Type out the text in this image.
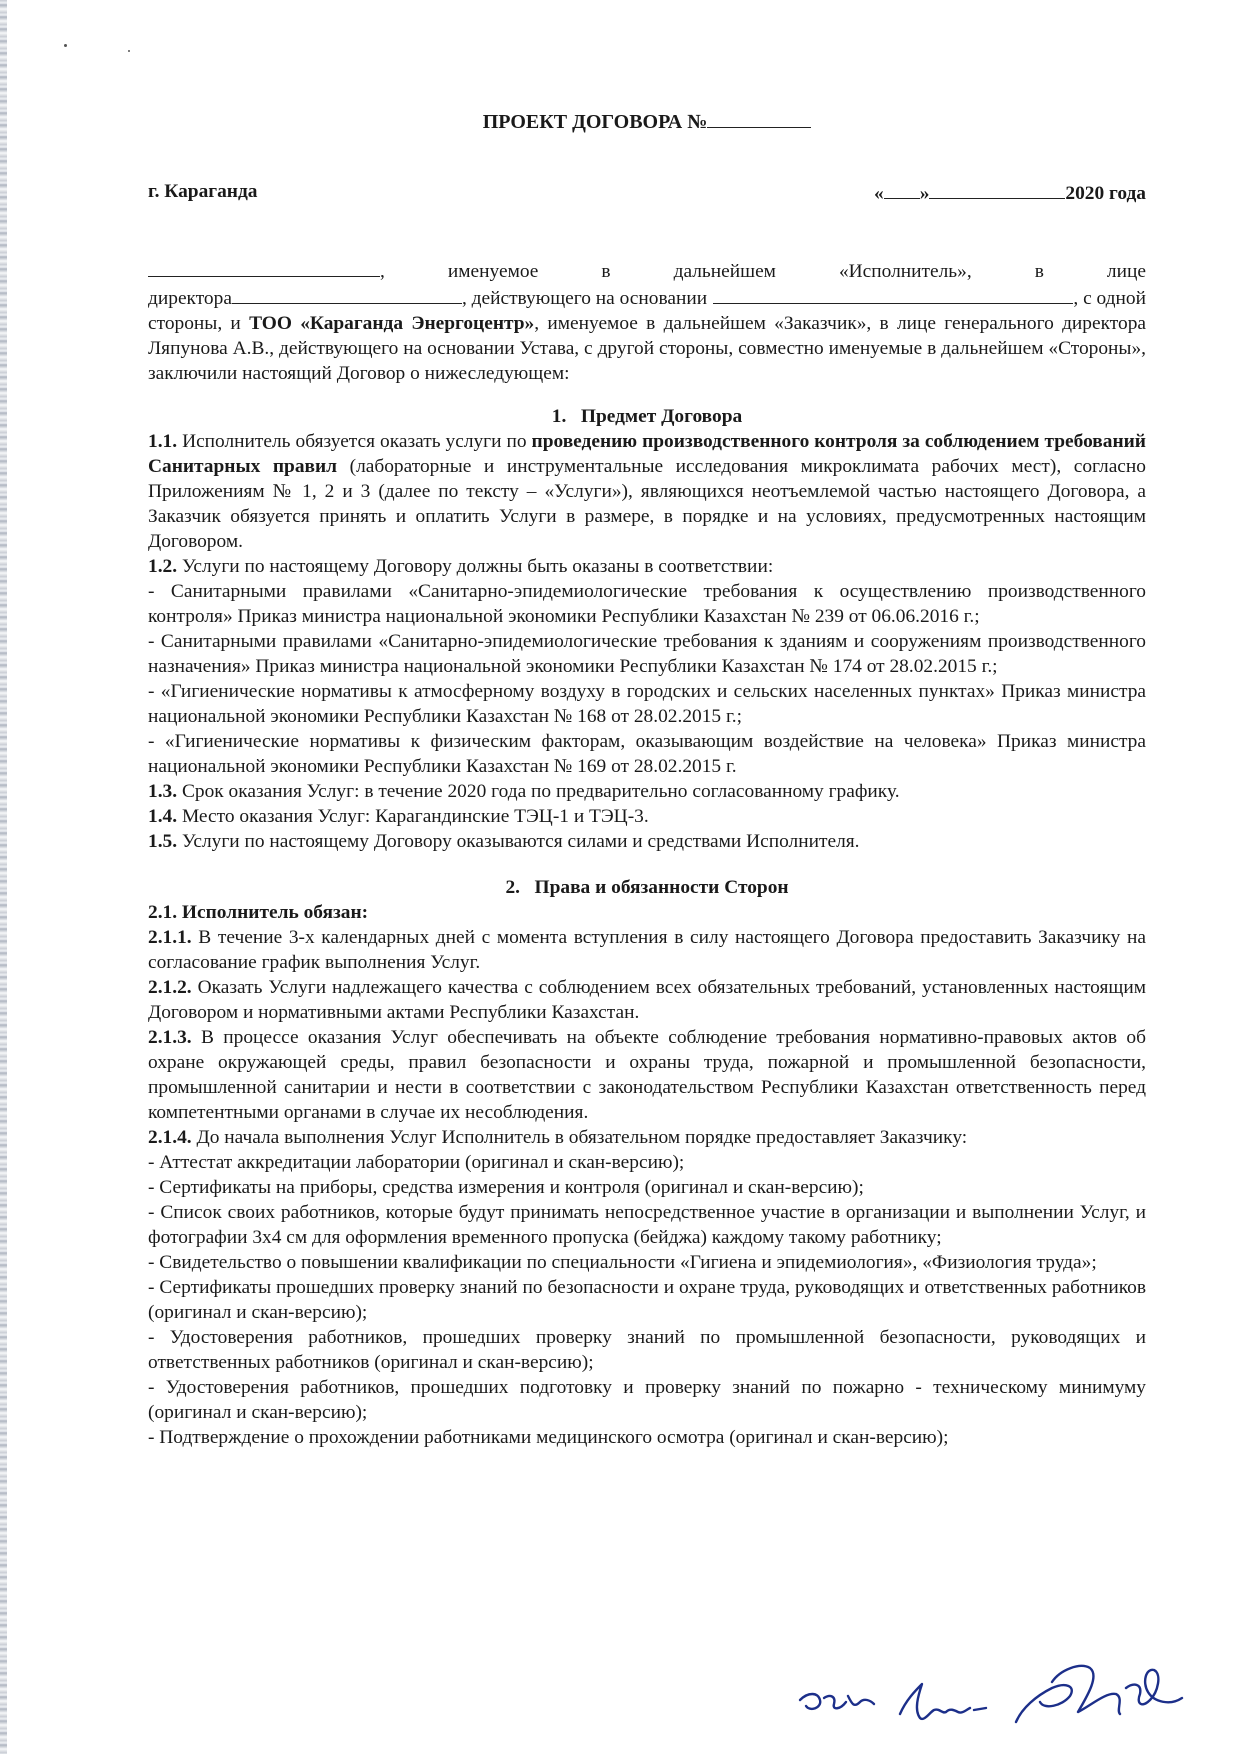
ПРОЕКТ ДОГОВОРА №
г. Караганда	« »	2020 года
,	именуемое	в	дальнейшем	«Исполнитель»,	в	лице
директора	, действующего на основании	, с одной

стороны, и ТОО «Караганда Энергоцентр», именуемое в дальнейшем «Заказчик», в лице генерального директора Ляпунова А.В., действующего на основании Устава, с другой стороны, совместно именуемые в дальнейшем «Стороны», заключили настоящий Договор о нижеследующем:

1.   Предмет Договора

1.1. Исполнитель обязуется оказать услуги по проведению производственного контроля за соблюдением требований Санитарных правил (лабораторные и инструментальные исследования микроклимата рабочих мест), согласно Приложениям № 1, 2 и 3 (далее по тексту – «Услуги»), являющихся неотъемлемой частью настоящего Договора, а Заказчик обязуется принять и оплатить Услуги в размере, в порядке и на условиях, предусмотренных настоящим Договором.

1.2. Услуги по настоящему Договору должны быть оказаны в соответствии:

- Санитарными правилами «Санитарно-эпидемиологические требования к осуществлению производственного контроля» Приказ министра национальной экономики Республики Казахстан № 239 от 06.06.2016 г.;

- Санитарными правилами «Санитарно-эпидемиологические требования к зданиям и сооружениям производственного назначения» Приказ министра национальной экономики Республики Казахстан № 174 от 28.02.2015 г.;

- «Гигиенические нормативы к атмосферному воздуху в городских и сельских населенных пунктах» Приказ министра национальной экономики Республики Казахстан № 168 от 28.02.2015 г.;

- «Гигиенические нормативы к физическим факторам, оказывающим воздействие на человека» Приказ министра национальной экономики Республики Казахстан № 169 от 28.02.2015 г.

1.3. Срок оказания Услуг: в течение 2020 года по предварительно согласованному графику.

1.4. Место оказания Услуг: Карагандинские ТЭЦ-1 и ТЭЦ-3.

1.5. Услуги по настоящему Договору оказываются силами и средствами Исполнителя.

2.   Права и обязанности Сторон

2.1. Исполнитель обязан:

2.1.1. В течение 3-х календарных дней с момента вступления в силу настоящего Договора предоставить Заказчику на согласование график выполнения Услуг.

2.1.2. Оказать Услуги надлежащего качества с соблюдением всех обязательных требований, установленных настоящим Договором и нормативными актами Республики Казахстан.

2.1.3. В процессе оказания Услуг обеспечивать на объекте соблюдение требования нормативно-правовых актов об охране окружающей среды, правил безопасности и охраны труда, пожарной и промышленной безопасности, промышленной санитарии и нести в соответствии с законодательством Республики Казахстан ответственность перед компетентными органами в случае их несоблюдения.

2.1.4. До начала выполнения Услуг Исполнитель в обязательном порядке предоставляет Заказчику:

- Аттестат аккредитации лаборатории (оригинал и скан-версию);

- Сертификаты на приборы, средства измерения и контроля (оригинал и скан-версию);

- Список своих работников, которые будут принимать непосредственное участие в организации и выполнении Услуг, и фотографии 3х4 см для оформления временного пропуска (бейджа) каждому такому работнику;

- Свидетельство о повышении квалификации по специальности «Гигиена и эпидемиология», «Физиология труда»;

- Сертификаты прошедших проверку знаний по безопасности и охране труда, руководящих и ответственных работников (оригинал и скан-версию);

- Удостоверения работников, прошедших проверку знаний по промышленной безопасности, руководящих и ответственных работников (оригинал и скан-версию);

- Удостоверения работников, прошедших подготовку и проверку знаний по пожарно - техническому минимуму (оригинал и скан-версию);

- Подтверждение о прохождении работниками медицинского осмотра (оригинал и скан-версию);
